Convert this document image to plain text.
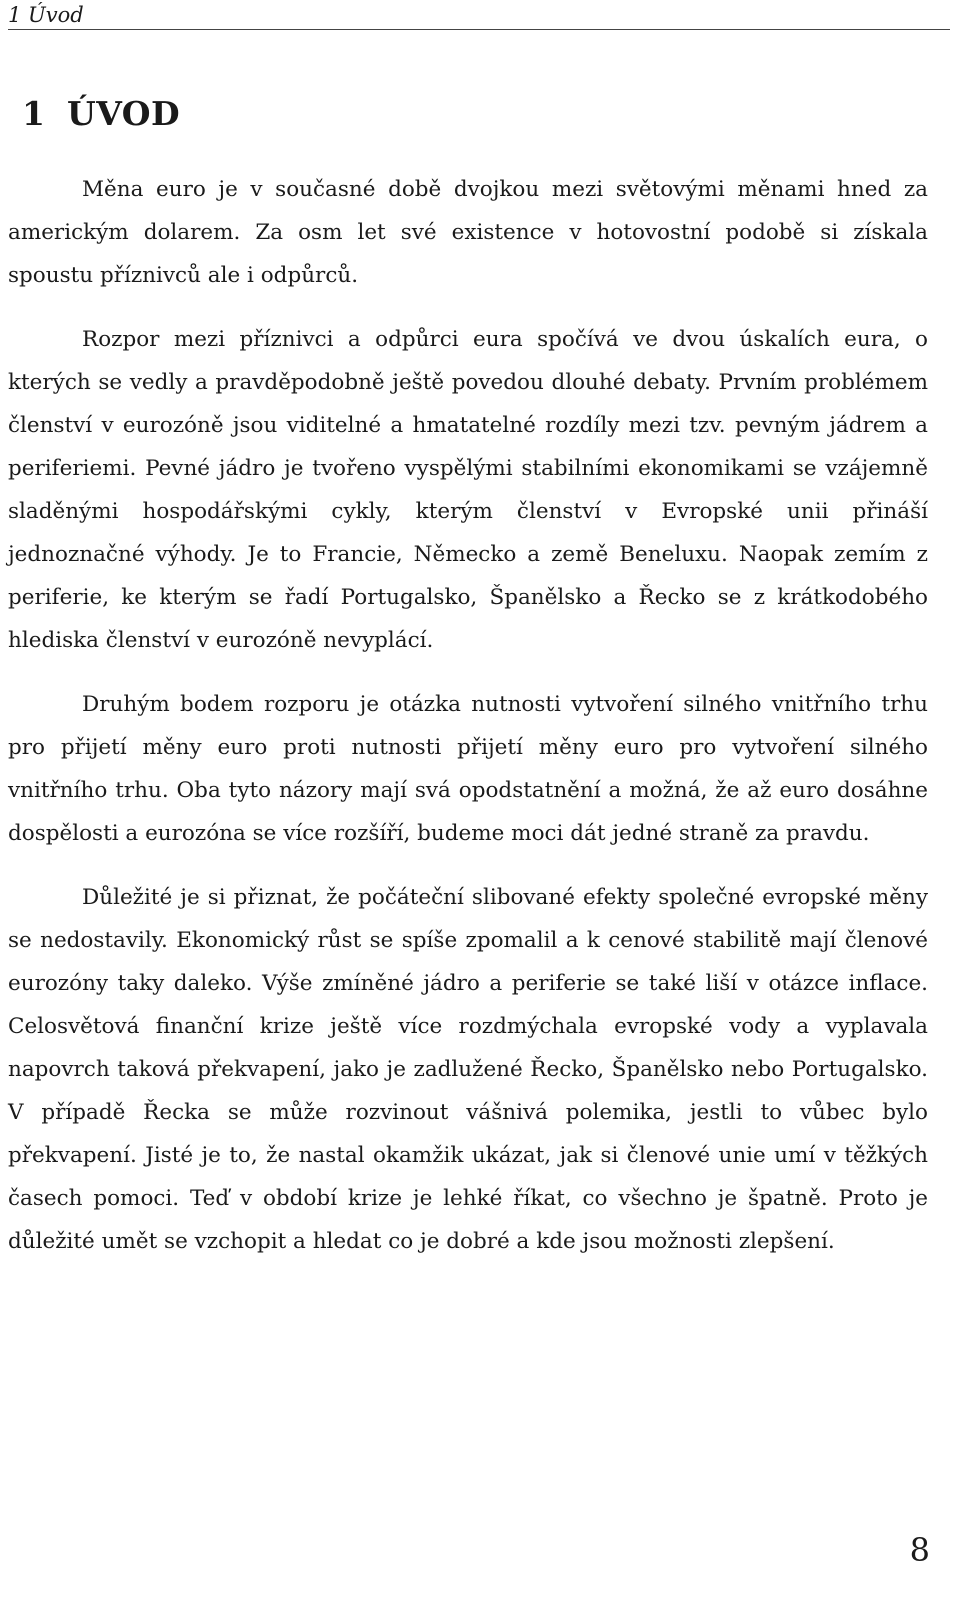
1 Úvod
1 ÚVOD

Měna euro je v současné době dvojkou mezi světovými měnami hned za americkým dolarem. Za osm let své existence v hotovostní podobě si získala spoustu příznivců ale i odpůrců.

Rozpor mezi příznivci a odpůrci eura spočívá ve dvou úskalích eura, o kterých se vedly a pravděpodobně ještě povedou dlouhé debaty. Prvním problémem členství v eurozóně jsou viditelné a hmatatelné rozdíly mezi tzv. pevným jádrem a periferiemi. Pevné jádro je tvořeno vyspělými stabilními ekonomikami se vzájemně sladěnými hospodářskými cykly, kterým členství v Evropské unii přináší jednoznačné výhody. Je to Francie, Německo a země Beneluxu. Naopak zemím z periferie, ke kterým se řadí Portugalsko, Španělsko a Řecko se z krátkodobého hlediska členství v eurozóně nevyplácí.

Druhým bodem rozporu je otázka nutnosti vytvoření silného vnitřního trhu pro přijetí měny euro proti nutnosti přijetí měny euro pro vytvoření silného vnitřního trhu. Oba tyto názory mají svá opodstatnění a možná, že až euro dosáhne dospělosti a eurozóna se více rozšíří, budeme moci dát jedné straně za pravdu.

Důležité je si přiznat, že počáteční slibované efekty společné evropské měny se nedostavily. Ekonomický růst se spíše zpomalil a k cenové stabilitě mají členové eurozóny taky daleko. Výše zmíněné jádro a periferie se také liší v otázce inflace. Celosvětová finanční krize ještě více rozdmýchala evropské vody a vyplavala napovrch taková překvapení, jako je zadlužené Řecko, Španělsko nebo Portugalsko. V případě Řecka se může rozvinout vášnivá polemika, jestli to vůbec bylo překvapení. Jisté je to, že nastal okamžik ukázat, jak si členové unie umí v těžkých časech pomoci. Teď v období krize je lehké říkat, co všechno je špatně. Proto je důležité umět se vzchopit a hledat co je dobré a kde jsou možnosti zlepšení.

8
